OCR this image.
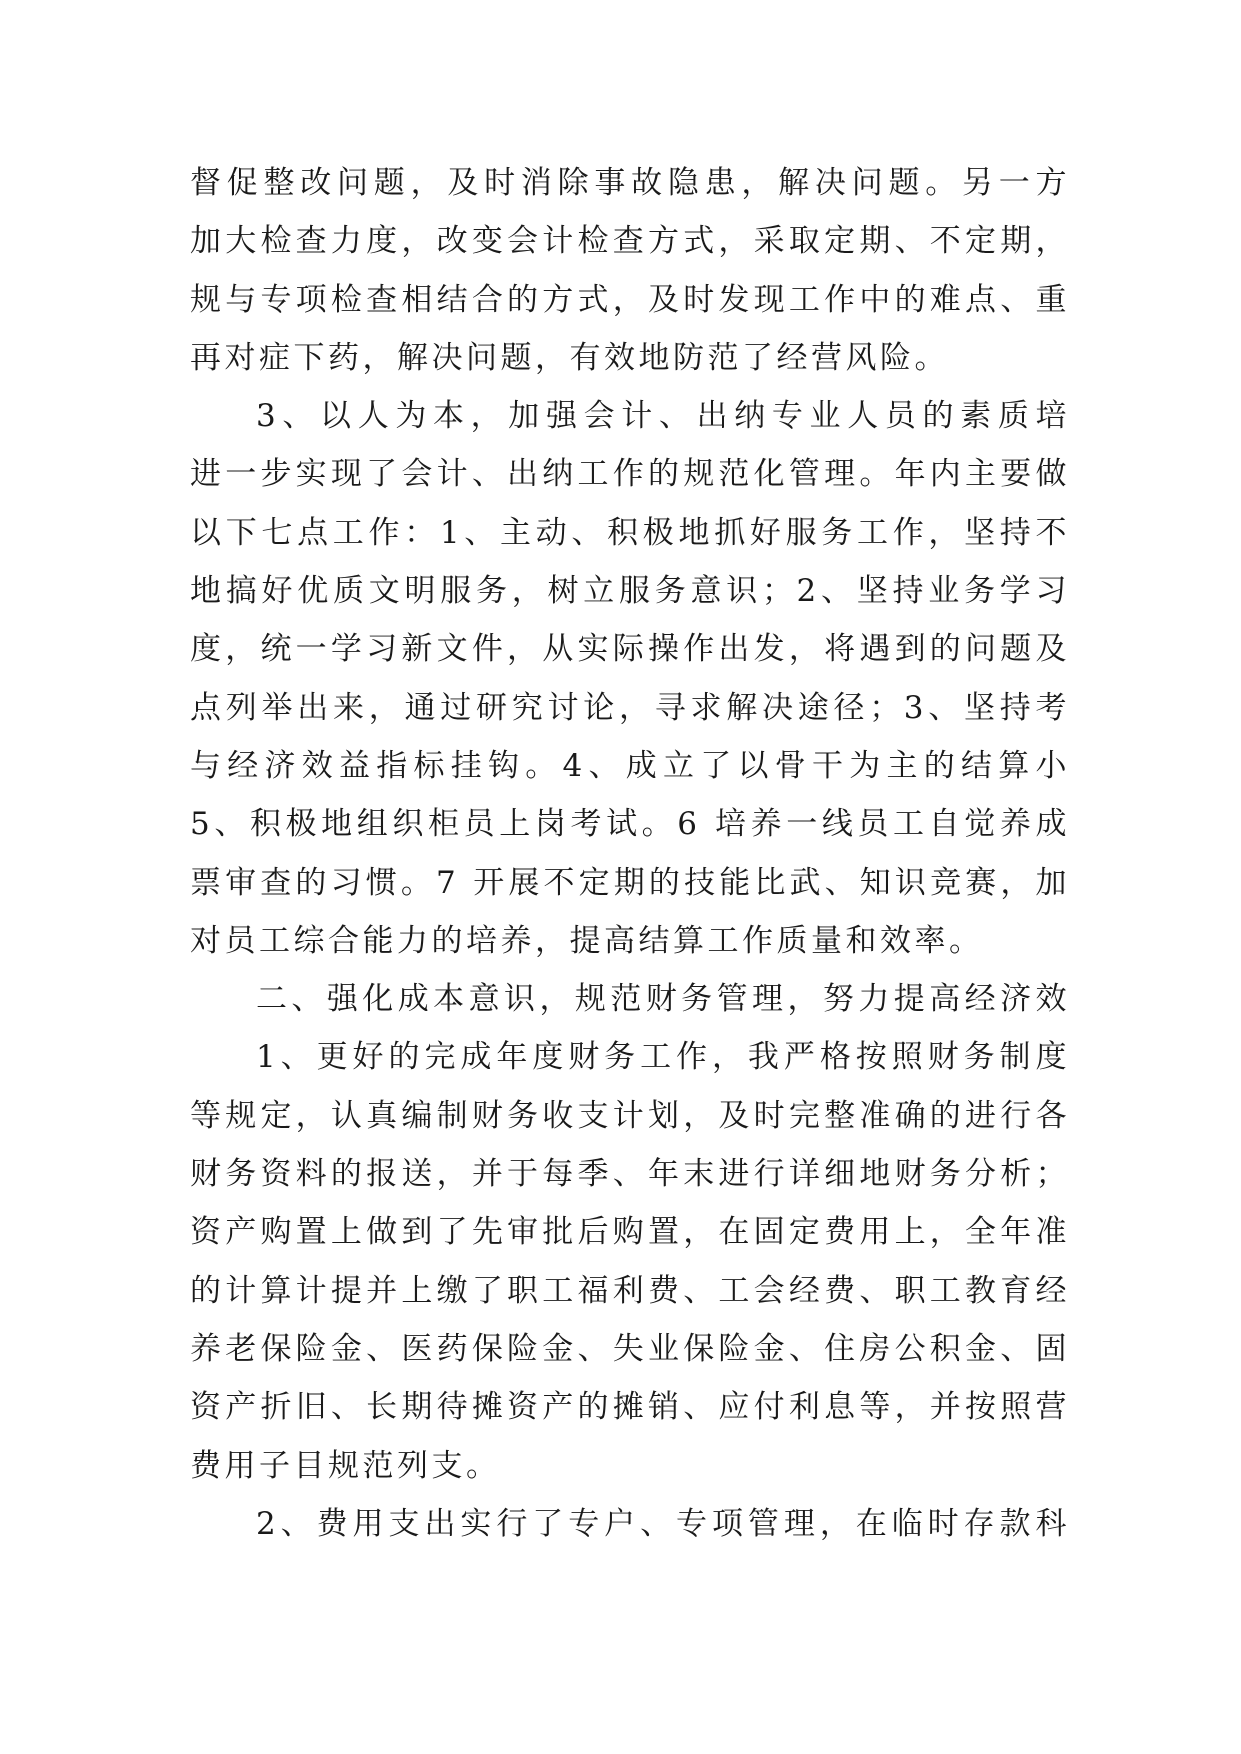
督促整改问题，及时消除事故隐患，解决问题。另一方
加大检查力度，改变会计检查方式，采取定期、不定期，
规与专项检查相结合的方式，及时发现工作中的难点、重
再对症下药，解决问题，有效地防范了经营风险。
3、以人为本，加强会计、出纳专业人员的素质培
进一步实现了会计、出纳工作的规范化管理。年内主要做
以下七点工作：1、主动、积极地抓好服务工作，坚持不
地搞好优质文明服务，树立服务意识；2、坚持业务学习
度，统一学习新文件，从实际操作出发，将遇到的问题及
点列举出来，通过研究讨论，寻求解决途径；3、坚持考
与经济效益指标挂钩。4、成立了以骨干为主的结算小
5、积极地组织柜员上岗考试。6 培养一线员工自觉养成
票审查的习惯。7 开展不定期的技能比武、知识竞赛，加
对员工综合能力的培养，提高结算工作质量和效率。
二、强化成本意识，规范财务管理，努力提高经济效
1、更好的完成年度财务工作，我严格按照财务制度
等规定，认真编制财务收支计划，及时完整准确的进行各
财务资料的报送，并于每季、年末进行详细地财务分析；
资产购置上做到了先审批后购置，在固定费用上，全年准
的计算计提并上缴了职工福利费、工会经费、职工教育经
养老保险金、医药保险金、失业保险金、住房公积金、固
资产折旧、长期待摊资产的摊销、应付利息等，并按照营
费用子目规范列支。
2、费用支出实行了专户、专项管理，在临时存款科
